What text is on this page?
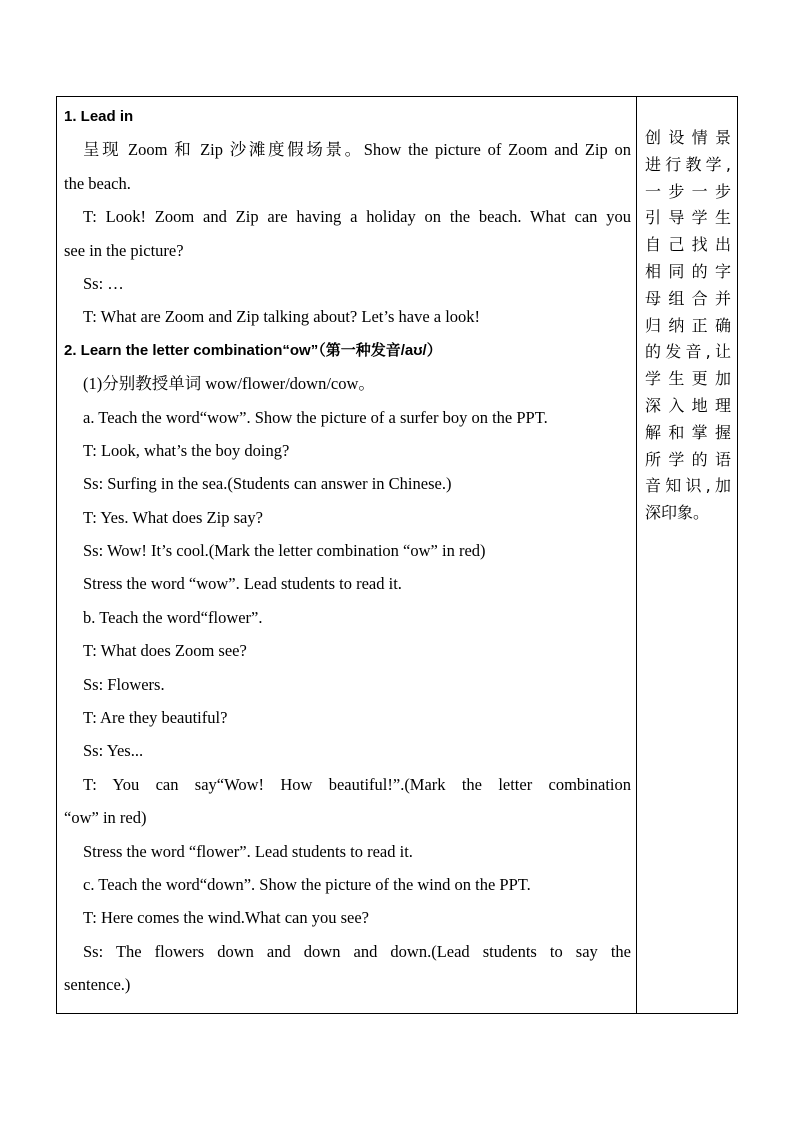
1. Lead in
呈现 Zoom 和 Zip 沙滩度假场景。Show the picture of Zoom and Zip on
the beach.
T: Look! Zoom and Zip are having a holiday on the beach. What can you
see in the picture?
Ss: …
T: What are Zoom and Zip talking about? Let’s have a look!
2. Learn the letter combination“ow”（第一种发音/aʊ/）
(1)分别教授单词 wow/flower/down/cow。
a. Teach the word“wow”. Show the picture of a surfer boy on the PPT.
T: Look, what’s the boy doing?
Ss: Surfing in the sea.(Students can answer in Chinese.)
T: Yes. What does Zip say?
Ss: Wow! It’s cool.(Mark the letter combination “ow” in red)
Stress the word “wow”. Lead students to read it.
b. Teach the word“flower”.
T: What does Zoom see?
Ss: Flowers.
T: Are they beautiful?
Ss: Yes...
T: You can say“Wow! How beautiful!”.(Mark the letter combination
“ow” in red)
Stress the word “flower”. Lead students to read it.
c. Teach the word“down”. Show the picture of the wind on the PPT.
T: Here comes the wind.What can you see?
Ss: The flowers down and down and down.(Lead students to say the
sentence.)
创设情景
进行教学,
一步一步
引导学生
自己找出
相同的字
母组合并
归纳正确
的发音,让
学生更加
深入地理
解和掌握
所学的语
音知识,加
深印象。
